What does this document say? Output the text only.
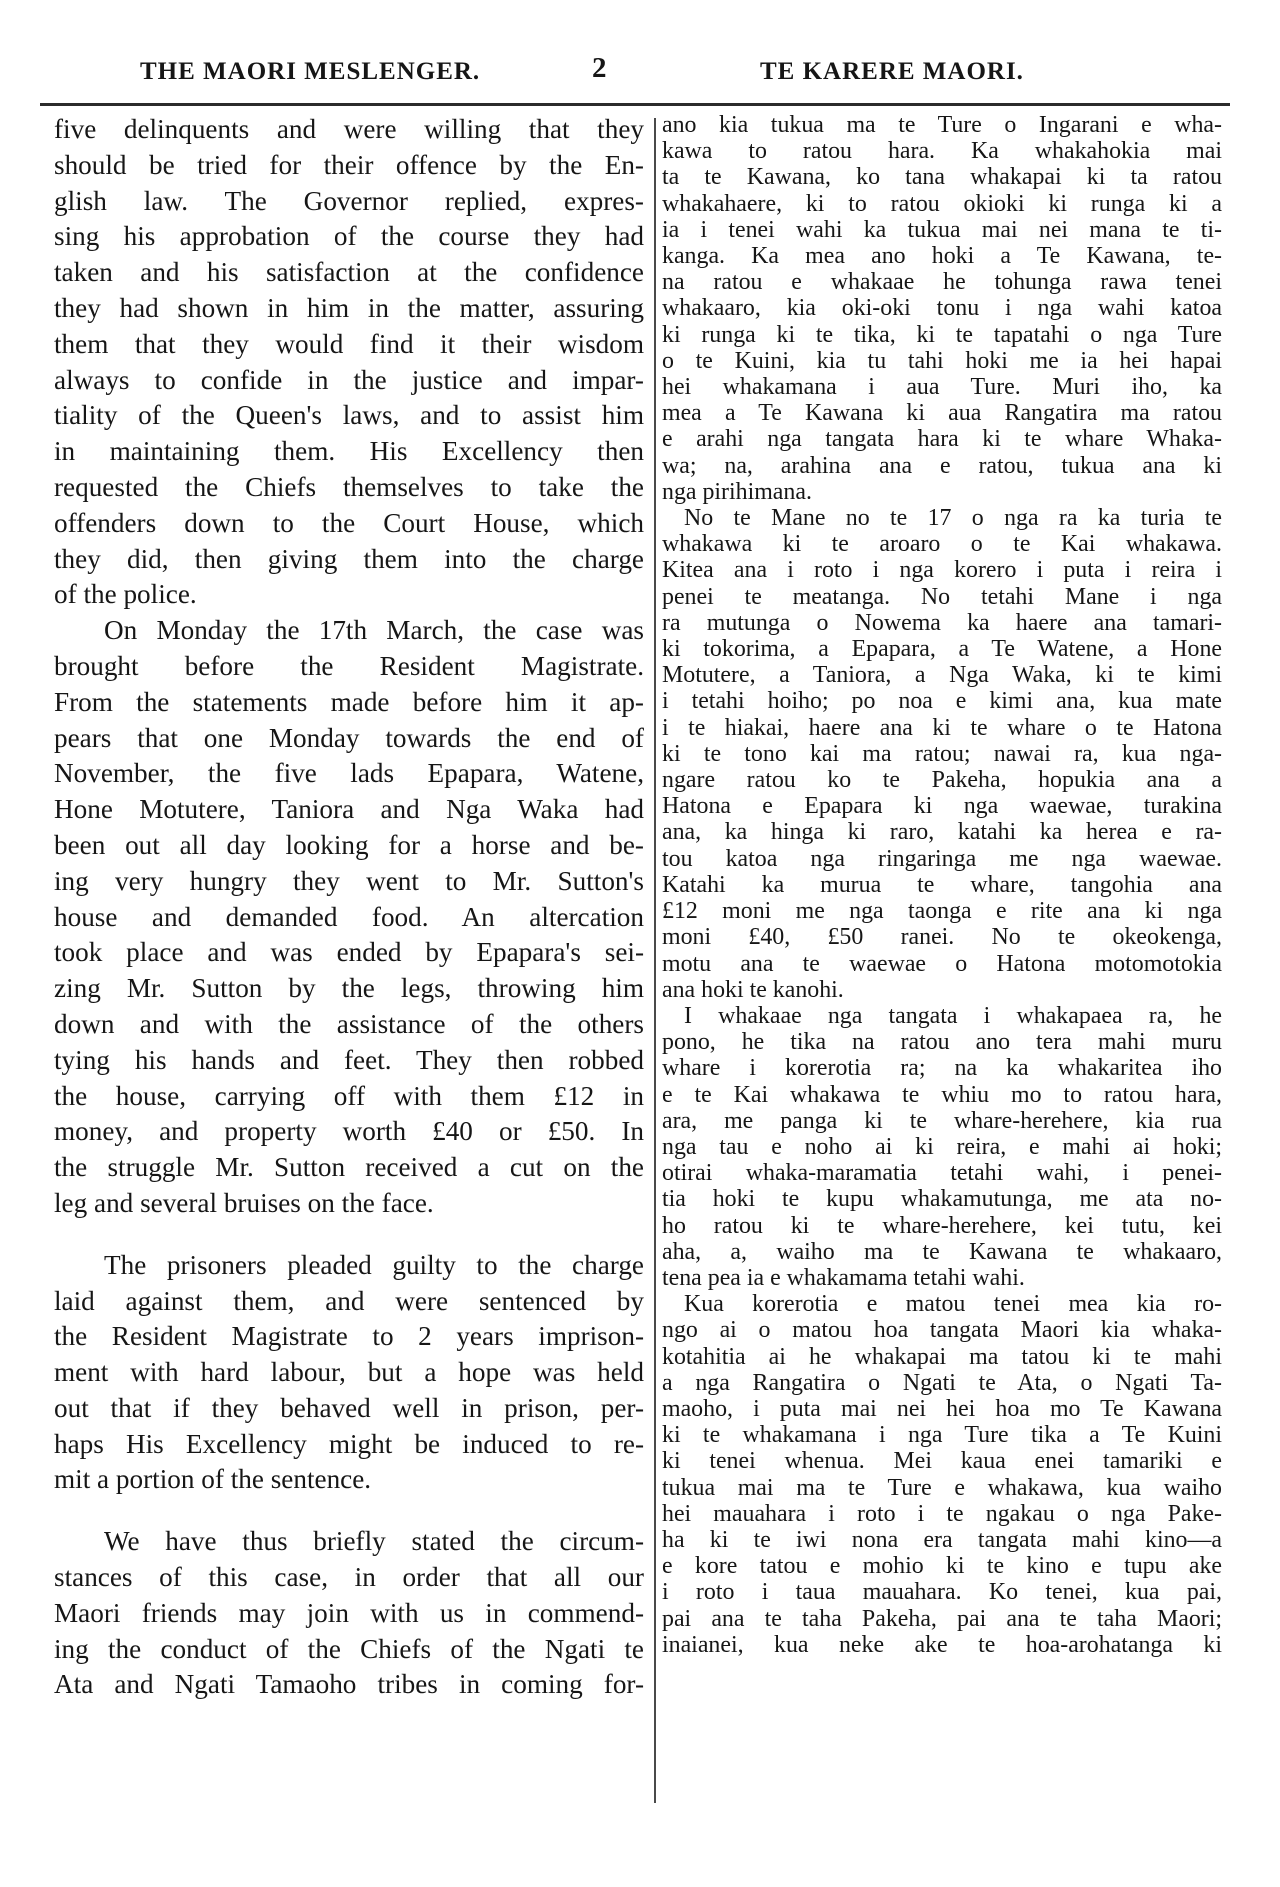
THE MAORI MESLENGER.	2	TE KARERE MAORI.

five delinquents and were willing that they
should be tried for their offence by the En-
glish law. The Governor replied, expres-
sing his approbation of the course they had
taken and his satisfaction at the confidence
they had shown in him in the matter, assuring
them that they would find it their wisdom
always to confide in the justice and impar-
tiality of the Queen's laws, and to assist him
in maintaining them. His Excellency then
requested the Chiefs themselves to take the
offenders down to the Court House, which
they did, then giving them into the charge
of the police.

On Monday the 17th March, the case was
brought before the Resident Magistrate.
From the statements made before him it ap-
pears that one Monday towards the end of
November, the five lads Epapara, Watene,
Hone Motutere, Taniora and Nga Waka had
been out all day looking for a horse and be-
ing very hungry they went to Mr. Sutton's
house and demanded food. An altercation
took place and was ended by Epapara's sei-
zing Mr. Sutton by the legs, throwing him
down and with the assistance of the others
tying his hands and feet. They then robbed
the house, carrying off with them £12 in
money, and property worth £40 or £50. In
the struggle Mr. Sutton received a cut on the
leg and several bruises on the face.

The prisoners pleaded guilty to the charge
laid against them, and were sentenced by
the Resident Magistrate to 2 years imprison-
ment with hard labour, but a hope was held
out that if they behaved well in prison, per-
haps His Excellency might be induced to re-
mit a portion of the sentence.

We have thus briefly stated the circum-
stances of this case, in order that all our
Maori friends may join with us in commend-
ing the conduct of the Chiefs of the Ngati te
Ata and Ngati Tamaoho tribes in coming for-

ano kia tukua ma te Ture o Ingarani e wha-
kawa to ratou hara. Ka whakahokia mai
ta te Kawana, ko tana whakapai ki ta ratou
whakahaere, ki to ratou okioki ki runga ki a
ia i tenei wahi ka tukua mai nei mana te ti-
kanga. Ka mea ano hoki a Te Kawana, te-
na ratou e whakaae he tohunga rawa tenei
whakaaro, kia oki-oki tonu i nga wahi katoa
ki runga ki te tika, ki te tapatahi o nga Ture
o te Kuini, kia tu tahi hoki me ia hei hapai
hei whakamana i aua Ture. Muri iho, ka
mea a Te Kawana ki aua Rangatira ma ratou
e arahi nga tangata hara ki te whare Whaka-
wa; na, arahina ana e ratou, tukua ana ki
nga pirihimana.

No te Mane no te 17 o nga ra ka turia te
whakawa ki te aroaro o te Kai whakawa.
Kitea ana i roto i nga korero i puta i reira i
penei te meatanga. No tetahi Mane i nga
ra mutunga o Nowema ka haere ana tamari-
ki tokorima, a Epapara, a Te Watene, a Hone
Motutere, a Taniora, a Nga Waka, ki te kimi
i tetahi hoiho; po noa e kimi ana, kua mate
i te hiakai, haere ana ki te whare o te Hatona
ki te tono kai ma ratou; nawai ra, kua nga-
ngare ratou ko te Pakeha, hopukia ana a
Hatona e Epapara ki nga waewae, turakina
ana, ka hinga ki raro, katahi ka herea e ra-
tou katoa nga ringaringa me nga waewae.
Katahi ka murua te whare, tangohia ana
£12 moni me nga taonga e rite ana ki nga
moni £40, £50 ranei. No te okeokenga,
motu ana te waewae o Hatona motomotokia
ana hoki te kanohi.

I whakaae nga tangata i whakapaea ra, he
pono, he tika na ratou ano tera mahi muru
whare i korerotia ra; na ka whakaritea iho
e te Kai whakawa te whiu mo to ratou hara,
ara, me panga ki te whare-herehere, kia rua
nga tau e noho ai ki reira, e mahi ai hoki;
otirai whaka-maramatia tetahi wahi, i penei-
tia hoki te kupu whakamutunga, me ata no-
ho ratou ki te whare-herehere, kei tutu, kei
aha, a, waiho ma te Kawana te whakaaro,
tena pea ia e whakamama tetahi wahi.

Kua korerotia e matou tenei mea kia ro-
ngo ai o matou hoa tangata Maori kia whaka-
kotahitia ai he whakapai ma tatou ki te mahi
a nga Rangatira o Ngati te Ata, o Ngati Ta-
maoho, i puta mai nei hei hoa mo Te Kawana
ki te whakamana i nga Ture tika a Te Kuini
ki tenei whenua. Mei kaua enei tamariki e
tukua mai ma te Ture e whakawa, kua waiho
hei mauahara i roto i te ngakau o nga Pake-
ha ki te iwi nona era tangata mahi kino—a
e kore tatou e mohio ki te kino e tupu ake
i roto i taua mauahara. Ko tenei, kua pai,
pai ana te taha Pakeha, pai ana te taha Maori;
inaianei, kua neke ake te hoa-arohatanga ki
